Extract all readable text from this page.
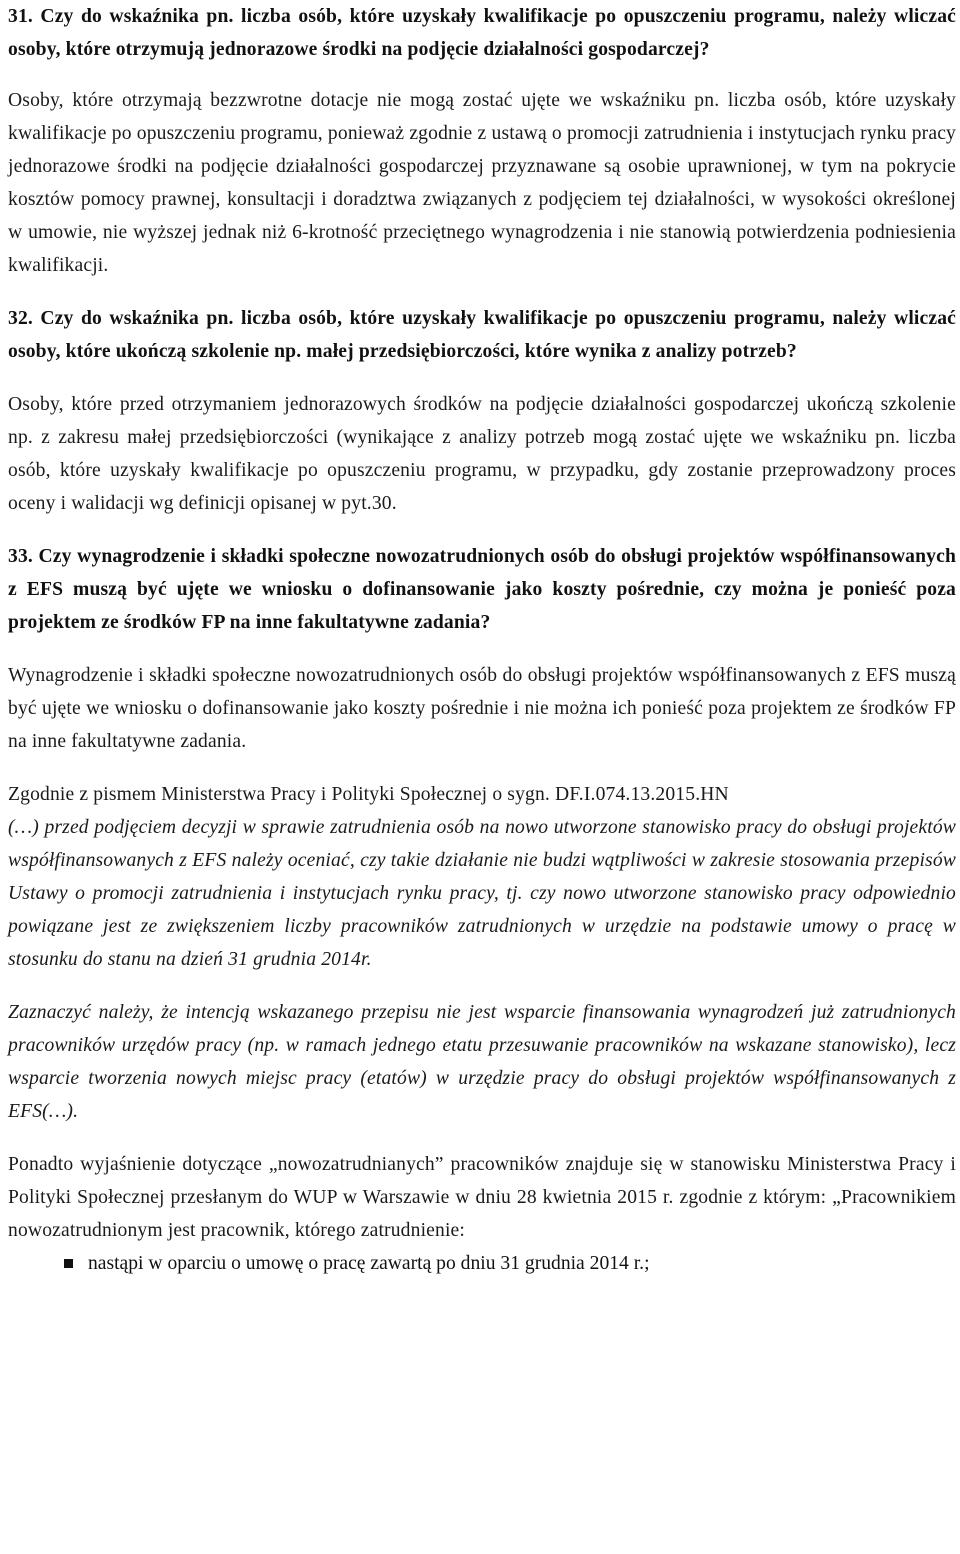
31. Czy do wskaźnika pn. liczba osób, które uzyskały kwalifikacje po opuszczeniu programu, należy wliczać osoby, które otrzymują jednorazowe środki na podjęcie działalności gospodarczej?

Osoby, które otrzymają bezzwrotne dotacje nie mogą zostać ujęte we wskaźniku pn. liczba osób, które uzyskały kwalifikacje po opuszczeniu programu, ponieważ zgodnie z ustawą o promocji zatrudnienia i instytucjach rynku pracy jednorazowe środki na podjęcie działalności gospodarczej przyznawane są osobie uprawnionej, w tym na pokrycie kosztów pomocy prawnej, konsultacji i doradztwa związanych z podjęciem tej działalności, w wysokości określonej w umowie, nie wyższej jednak niż 6-krotność przeciętnego wynagrodzenia i nie stanowią potwierdzenia podniesienia kwalifikacji.

32. Czy do wskaźnika pn. liczba osób, które uzyskały kwalifikacje po opuszczeniu programu, należy wliczać osoby, które ukończą szkolenie np. małej przedsiębiorczości, które wynika z analizy potrzeb?

Osoby, które przed otrzymaniem jednorazowych środków na podjęcie działalności gospodarczej ukończą szkolenie np. z zakresu małej przedsiębiorczości (wynikające z analizy potrzeb mogą zostać ujęte we wskaźniku pn. liczba osób, które uzyskały kwalifikacje po opuszczeniu programu, w przypadku, gdy zostanie przeprowadzony proces oceny i walidacji wg definicji opisanej w pyt.30.

33. Czy wynagrodzenie i składki społeczne nowozatrudnionych osób do obsługi projektów współfinansowanych z EFS muszą być ujęte we wniosku o dofinansowanie jako koszty pośrednie, czy można je ponieść poza projektem ze środków FP na inne fakultatywne zadania?

Wynagrodzenie i składki społeczne nowozatrudnionych osób do obsługi projektów współfinansowanych z EFS muszą być ujęte we wniosku o dofinansowanie jako koszty pośrednie i nie można ich ponieść poza projektem ze środków FP na inne fakultatywne zadania.

Zgodnie z pismem Ministerstwa Pracy i Polityki Społecznej o sygn. DF.I.074.13.2015.HN

(…) przed podjęciem decyzji w sprawie zatrudnienia osób na nowo utworzone stanowisko pracy do obsługi projektów współfinansowanych z EFS należy oceniać, czy takie działanie nie budzi wątpliwości w zakresie stosowania przepisów Ustawy o promocji zatrudnienia i instytucjach rynku pracy, tj. czy nowo utworzone stanowisko pracy odpowiednio powiązane jest ze zwiększeniem liczby pracowników zatrudnionych w urzędzie na podstawie umowy o pracę w stosunku do stanu na dzień 31 grudnia 2014r.

Zaznaczyć należy, że intencją wskazanego przepisu nie jest wsparcie finansowania wynagrodzeń już zatrudnionych pracowników urzędów pracy (np. w ramach jednego etatu przesuwanie pracowników na wskazane stanowisko), lecz wsparcie tworzenia nowych miejsc pracy (etatów) w urzędzie pracy do obsługi projektów współfinansowanych z EFS(…).

Ponadto wyjaśnienie dotyczące „nowozatrudnianych” pracowników znajduje się w stanowisku Ministerstwa Pracy i Polityki Społecznej przesłanym do WUP w Warszawie w dniu 28 kwietnia 2015 r. zgodnie z którym: „Pracownikiem nowozatrudnionym jest pracownik, którego zatrudnienie:

nastąpi w oparciu o umowę o pracę zawartą po dniu 31 grudnia 2014 r.;
